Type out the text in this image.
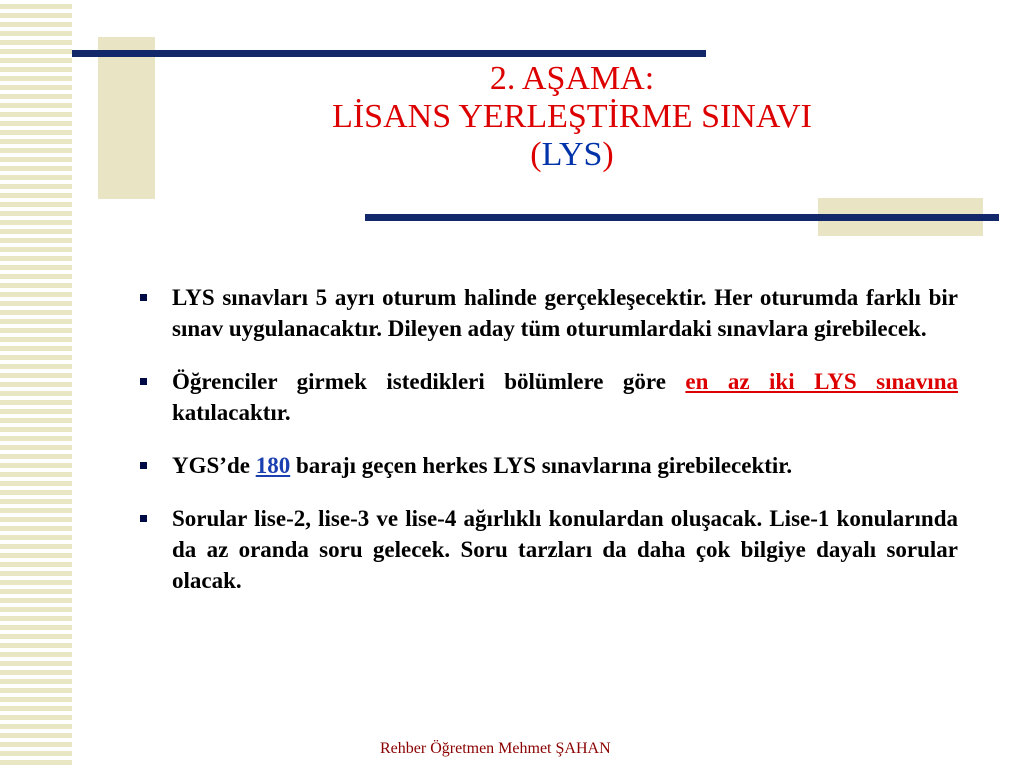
2. AŞAMA:
LİSANS YERLEŞTİRME SINAVI
(LYS)
LYS sınavları 5 ayrı oturum halinde gerçekleşecektir. Her oturumda farklı bir sınav uygulanacaktır. Dileyen aday tüm oturumlardaki sınavlara girebilecek.
Öğrenciler girmek istedikleri bölümlere göre en az iki LYS sınavına katılacaktır.
YGS’de 180 barajı geçen herkes LYS sınavlarına girebilecektir.
Sorular lise-2, lise-3 ve lise-4 ağırlıklı konulardan oluşacak. Lise-1 konularında da az oranda soru gelecek. Soru tarzları da daha çok bilgiye dayalı sorular olacak.
Rehber Öğretmen Mehmet ŞAHAN
